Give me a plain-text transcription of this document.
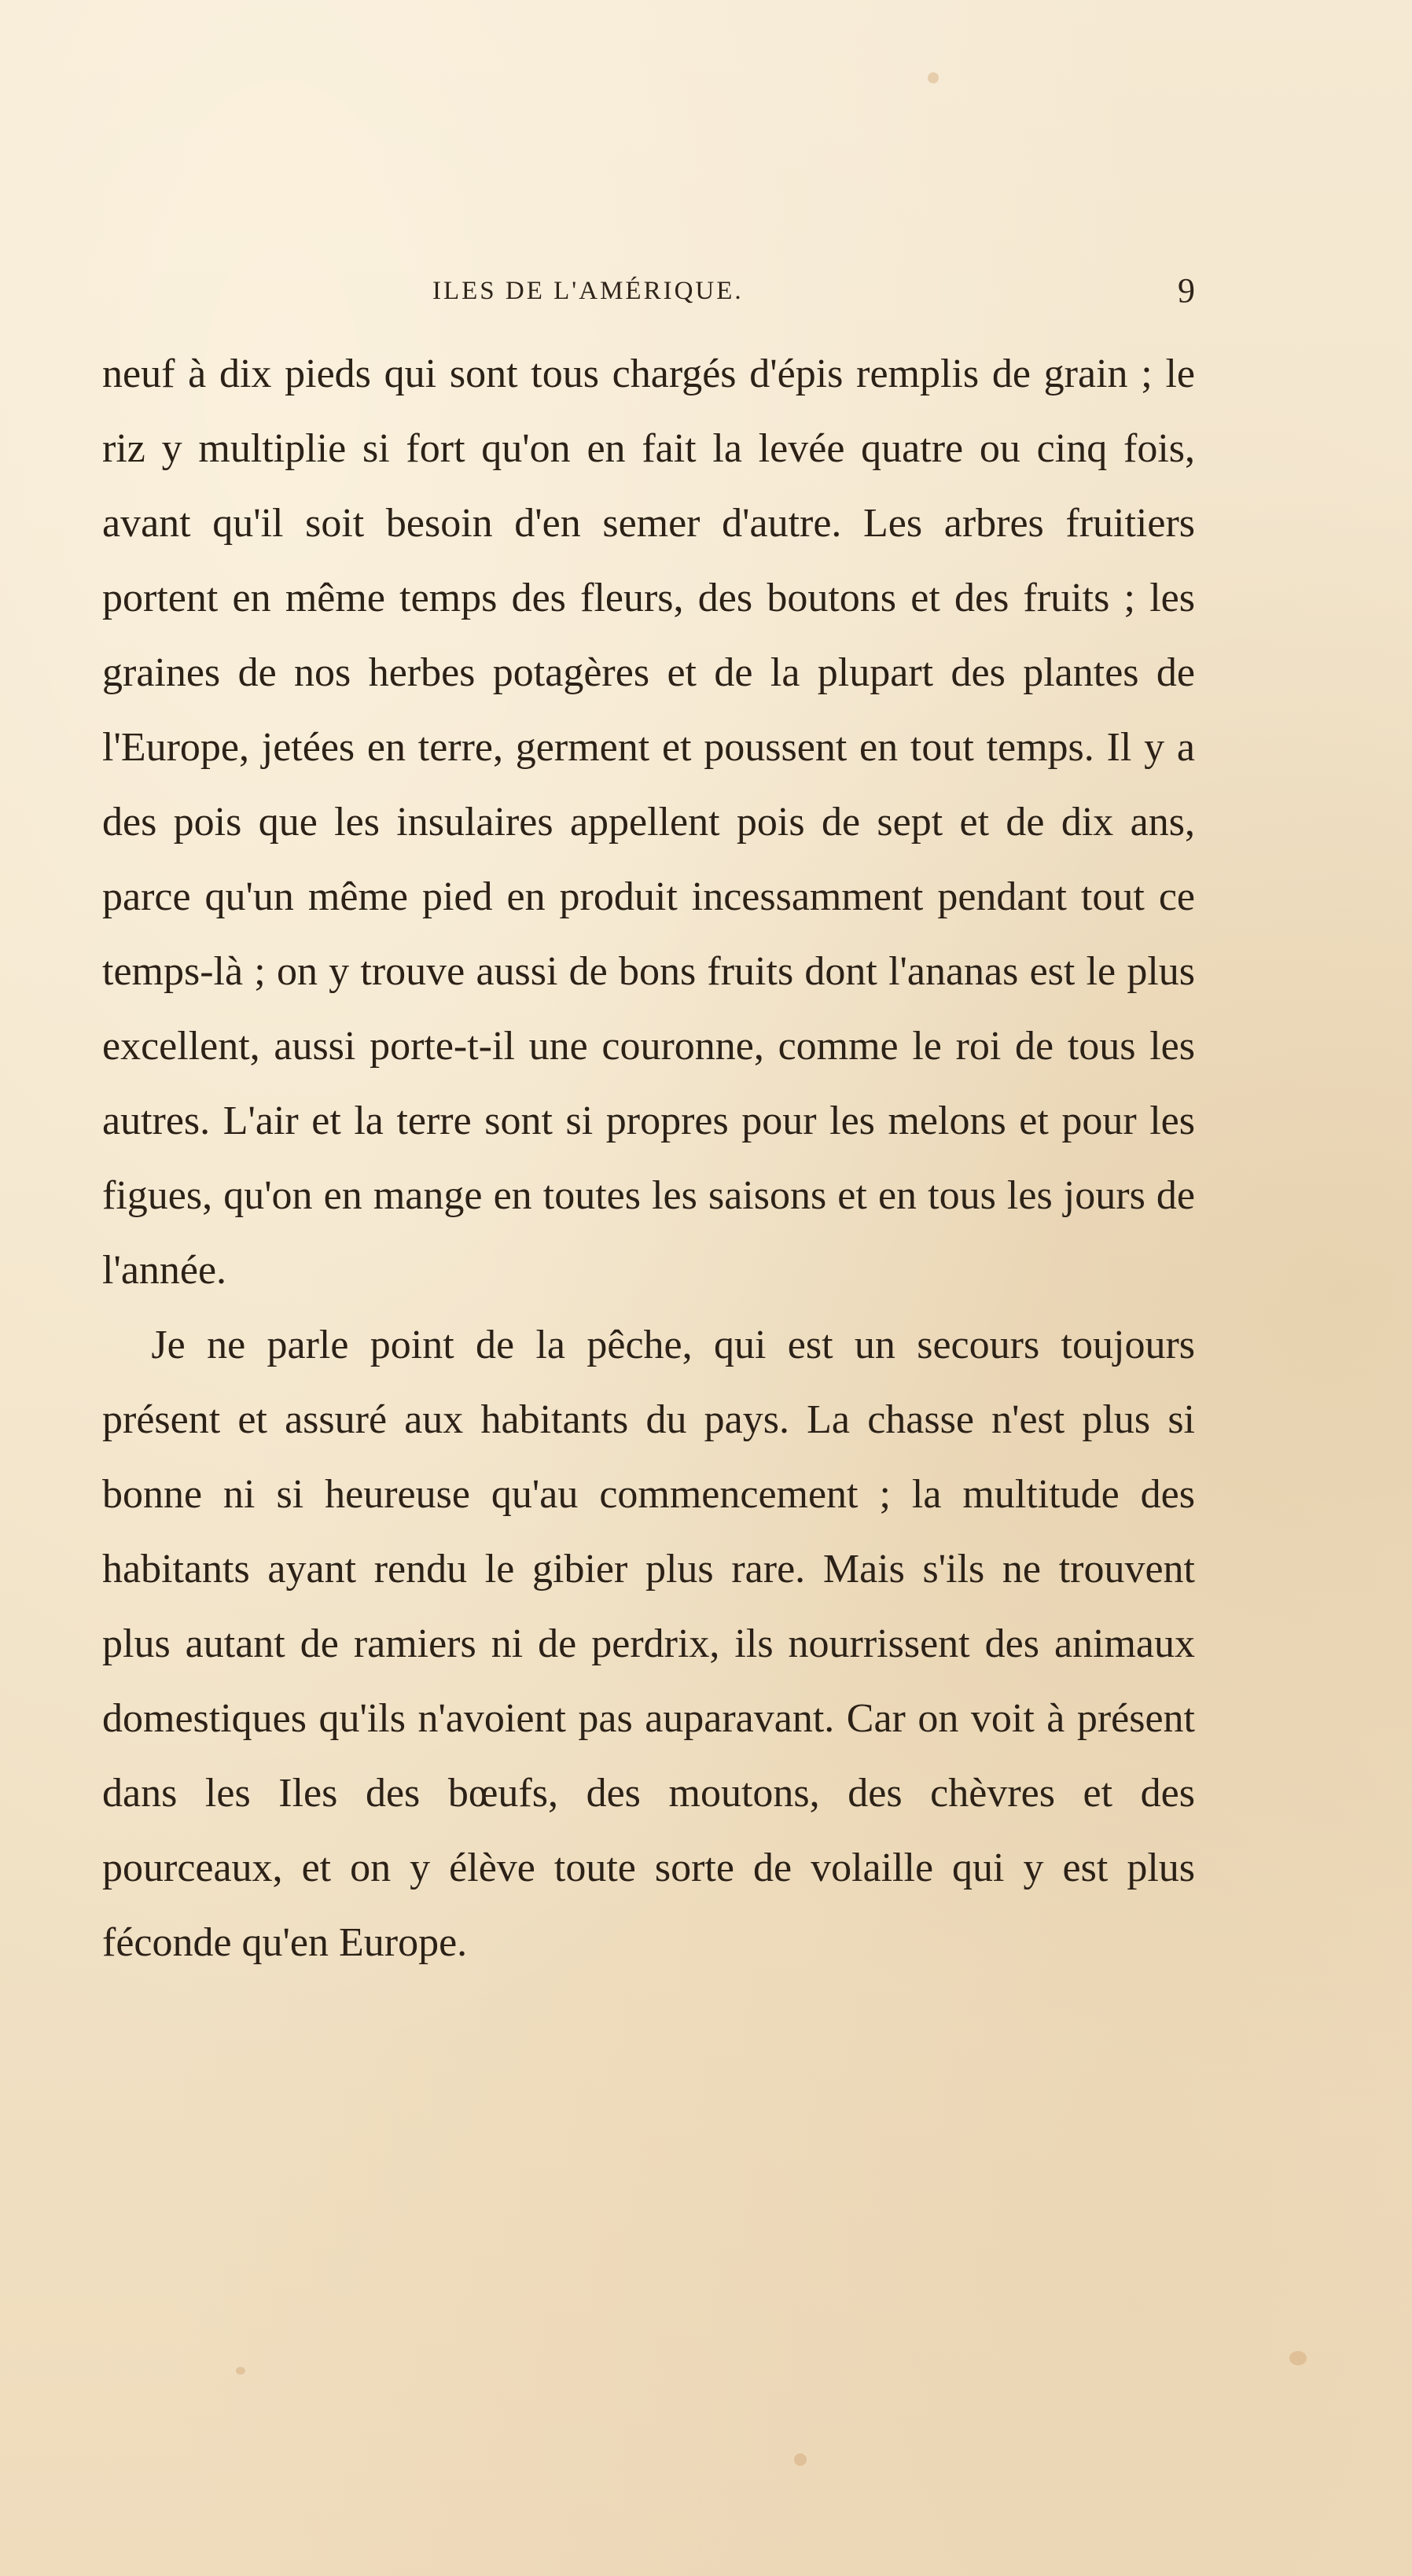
ILES DE L'AMÉRIQUE.	9

neuf à dix pieds qui sont tous chargés d'épis remplis de grain ; le riz y multiplie si fort qu'on en fait la levée quatre ou cinq fois, avant qu'il soit besoin d'en semer d'autre. Les arbres fruitiers portent en même temps des fleurs, des boutons et des fruits ; les graines de nos herbes potagères et de la plupart des plantes de l'Europe, jetées en terre, germent et poussent en tout temps. Il y a des pois que les insulaires appellent pois de sept et de dix ans, parce qu'un même pied en produit incessamment pendant tout ce temps-là ; on y trouve aussi de bons fruits dont l'ananas est le plus excellent, aussi porte-t-il une couronne, comme le roi de tous les autres. L'air et la terre sont si propres pour les melons et pour les figues, qu'on en mange en toutes les saisons et en tous les jours de l'année.

Je ne parle point de la pêche, qui est un secours toujours présent et assuré aux habitants du pays. La chasse n'est plus si bonne ni si heureuse qu'au commencement ; la multitude des habitants ayant rendu le gibier plus rare. Mais s'ils ne trouvent plus autant de ramiers ni de perdrix, ils nourrissent des animaux domestiques qu'ils n'avoient pas auparavant. Car on voit à présent dans les Iles des bœufs, des moutons, des chèvres et des pourceaux, et on y élève toute sorte de volaille qui y est plus féconde qu'en Europe.
